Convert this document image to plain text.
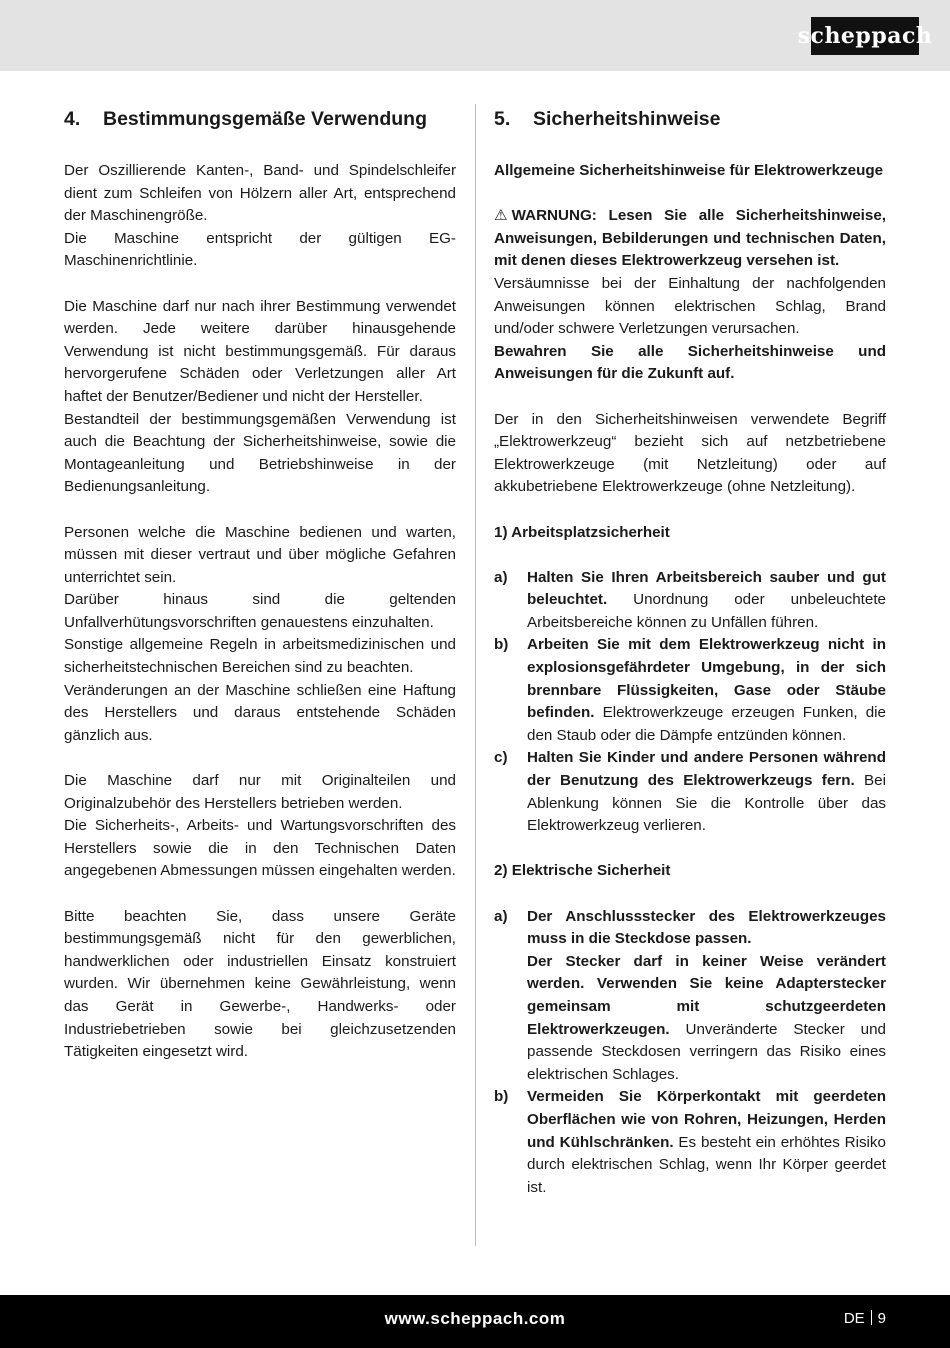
scheppach
4.	Bestimmungsgemäße Verwendung

Der Oszillierende Kanten-, Band- und Spindelschleifer dient zum Schleifen von Hölzern aller Art, entsprechend der Maschinengröße.

Die Maschine entspricht der gültigen EG-Maschinenrichtlinie.

Die Maschine darf nur nach ihrer Bestimmung verwendet werden. Jede weitere darüber hinausgehende Verwendung ist nicht bestimmungsgemäß. Für daraus hervorgerufene Schäden oder Verletzungen aller Art haftet der Benutzer/Bediener und nicht der Hersteller.

Bestandteil der bestimmungsgemäßen Verwendung ist auch die Beachtung der Sicherheitshinweise, sowie die Montageanleitung und Betriebshinweise in der Bedienungsanleitung.

Personen welche die Maschine bedienen und warten, müssen mit dieser vertraut und über mögliche Gefahren unterrichtet sein.

Darüber hinaus sind die geltenden Unfallverhütungsvorschriften genauestens einzuhalten.

Sonstige allgemeine Regeln in arbeitsmedizinischen und sicherheitstechnischen Bereichen sind zu beachten.

Veränderungen an der Maschine schließen eine Haftung des Herstellers und daraus entstehende Schäden gänzlich aus.

Die Maschine darf nur mit Originalteilen und Originalzubehör des Herstellers betrieben werden.

Die Sicherheits-, Arbeits- und Wartungsvorschriften des Herstellers sowie die in den Technischen Daten angegebenen Abmessungen müssen eingehalten werden.

Bitte beachten Sie, dass unsere Geräte bestimmungsgemäß nicht für den gewerblichen, handwerklichen oder industriellen Einsatz konstruiert wurden. Wir übernehmen keine Gewährleistung, wenn das Gerät in Gewerbe-, Handwerks- oder Industriebetrieben sowie bei gleichzusetzenden Tätigkeiten eingesetzt wird.

5.	Sicherheitshinweise

Allgemeine Sicherheitshinweise für Elektrowerkzeuge

⚠ WARNUNG: Lesen Sie alle Sicherheitshinweise, Anweisungen, Bebilderungen und technischen Daten, mit denen dieses Elektrowerkzeug versehen ist.

Versäumnisse bei der Einhaltung der nachfolgenden Anweisungen können elektrischen Schlag, Brand und/oder schwere Verletzungen verursachen.

Bewahren Sie alle Sicherheitshinweise und Anweisungen für die Zukunft auf.

Der in den Sicherheitshinweisen verwendete Begriff „Elektrowerkzeug“ bezieht sich auf netzbetriebene Elektrowerkzeuge (mit Netzleitung) oder auf akkubetriebene Elektrowerkzeuge (ohne Netzleitung).

1) Arbeitsplatzsicherheit

a)	Halten Sie Ihren Arbeitsbereich sauber und gut beleuchtet. Unordnung oder unbeleuchtete Arbeitsbereiche können zu Unfällen führen.
b)	Arbeiten Sie mit dem Elektrowerkzeug nicht in explosionsgefährdeter Umgebung, in der sich brennbare Flüssigkeiten, Gase oder Stäube befinden. Elektrowerkzeuge erzeugen Funken, die den Staub oder die Dämpfe entzünden können.
c)	Halten Sie Kinder und andere Personen während der Benutzung des Elektrowerkzeugs fern. Bei Ablenkung können Sie die Kontrolle über das Elektrowerkzeug verlieren.

2) Elektrische Sicherheit

a)	Der Anschlussstecker des Elektrowerkzeuges muss in die Steckdose passen.
Der Stecker darf in keiner Weise verändert werden. Verwenden Sie keine Adapterstecker gemeinsam mit schutzgeerdeten Elektrowerkzeugen. Unveränderte Stecker und passende Steckdosen verringern das Risiko eines elektrischen Schlages.
b)	Vermeiden Sie Körperkontakt mit geerdeten Oberflächen wie von Rohren, Heizungen, Herden und Kühlschränken. Es besteht ein erhöhtes Risiko durch elektrischen Schlag, wenn Ihr Körper geerdet ist.
www.scheppach.com	DE 9
